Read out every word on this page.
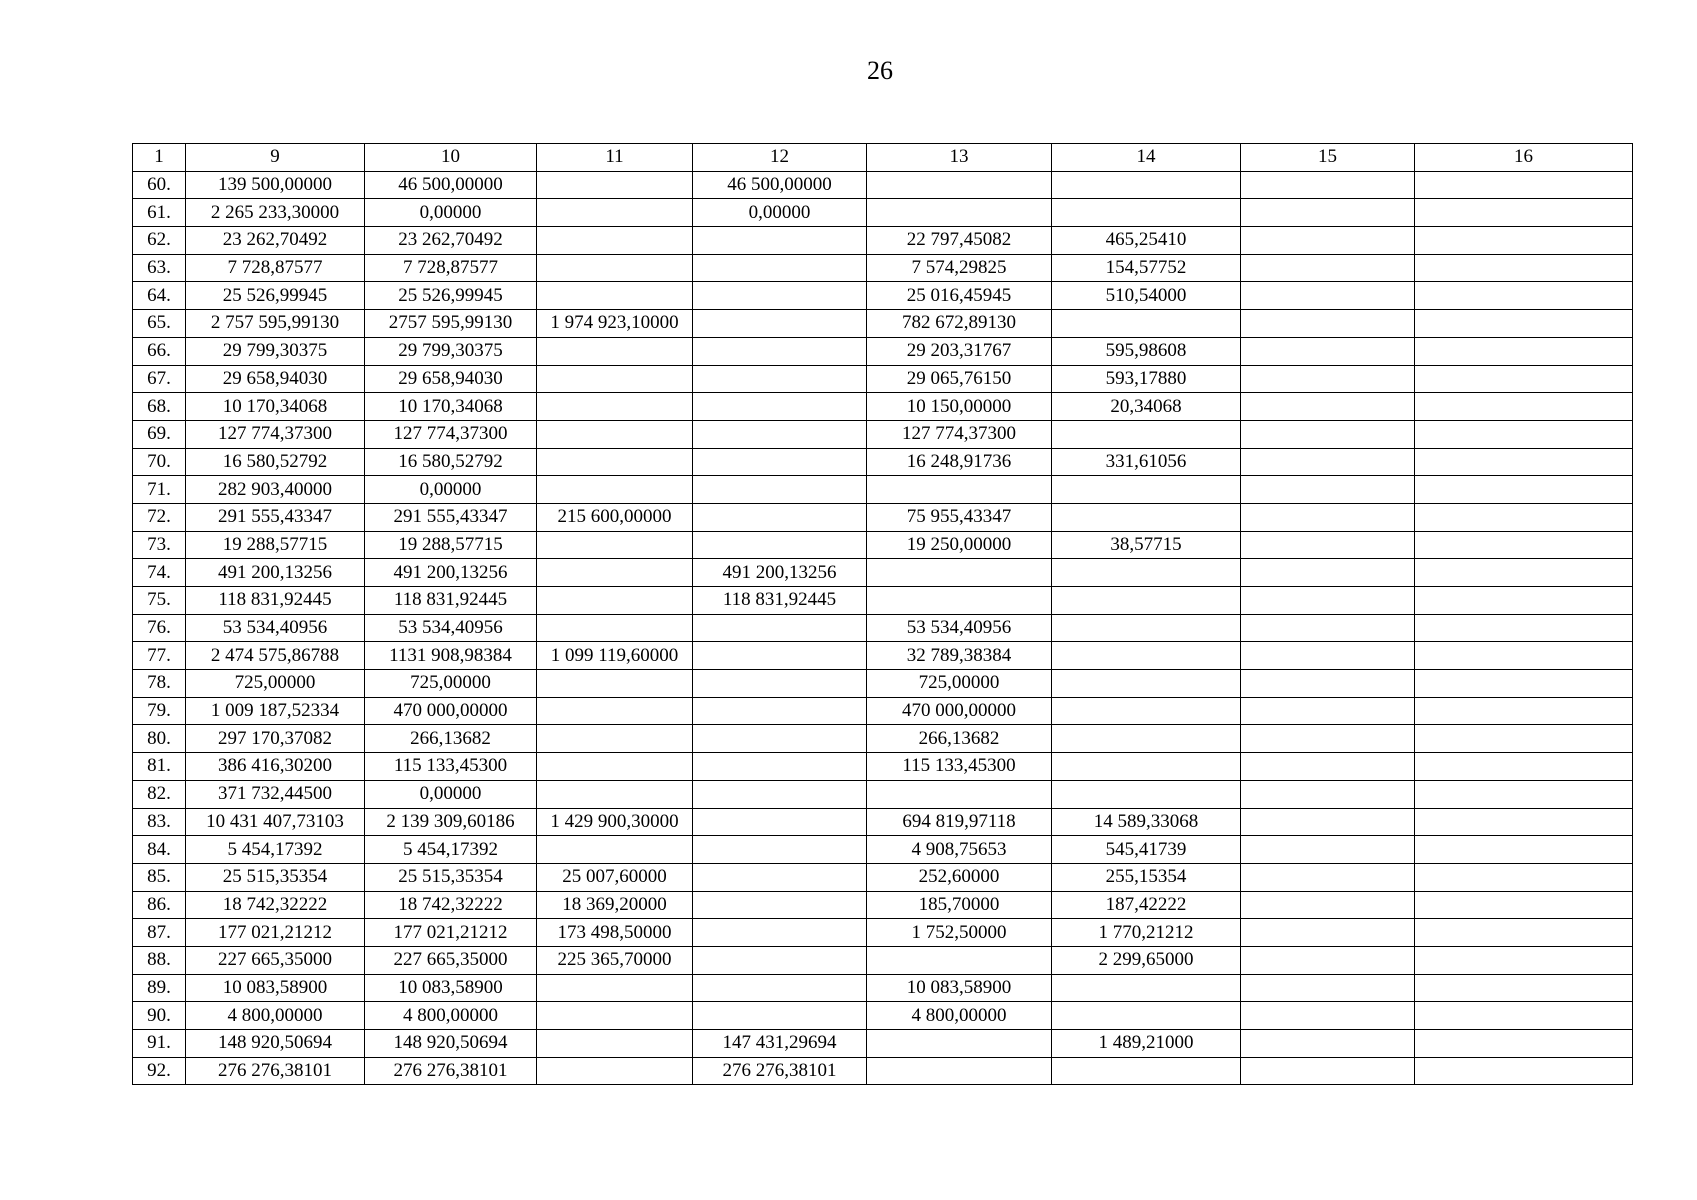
26
1	9	10	11	12	13	14	15	16
60.	139 500,00000	46 500,00000		46 500,00000				
61.	2 265 233,30000	0,00000		0,00000				
62.	23 262,70492	23 262,70492			22 797,45082	465,25410		
63.	7 728,87577	7 728,87577			7 574,29825	154,57752		
64.	25 526,99945	25 526,99945			25 016,45945	510,54000		
65.	2 757 595,99130	2757 595,99130	1 974 923,10000		782 672,89130			
66.	29 799,30375	29 799,30375			29 203,31767	595,98608		
67.	29 658,94030	29 658,94030			29 065,76150	593,17880		
68.	10 170,34068	10 170,34068			10 150,00000	20,34068		
69.	127 774,37300	127 774,37300			127 774,37300			
70.	16 580,52792	16 580,52792			16 248,91736	331,61056		
71.	282 903,40000	0,00000						
72.	291 555,43347	291 555,43347	215 600,00000		75 955,43347			
73.	19 288,57715	19 288,57715			19 250,00000	38,57715		
74.	491 200,13256	491 200,13256		491 200,13256				
75.	118 831,92445	118 831,92445		118 831,92445				
76.	53 534,40956	53 534,40956			53 534,40956			
77.	2 474 575,86788	1131 908,98384	1 099 119,60000		32 789,38384			
78.	725,00000	725,00000			725,00000			
79.	1 009 187,52334	470 000,00000			470 000,00000			
80.	297 170,37082	266,13682			266,13682			
81.	386 416,30200	115 133,45300			115 133,45300			
82.	371 732,44500	0,00000						
83.	10 431 407,73103	2 139 309,60186	1 429 900,30000		694 819,97118	14 589,33068		
84.	5 454,17392	5 454,17392			4 908,75653	545,41739		
85.	25 515,35354	25 515,35354	25 007,60000		252,60000	255,15354		
86.	18 742,32222	18 742,32222	18 369,20000		185,70000	187,42222		
87.	177 021,21212	177 021,21212	173 498,50000		1 752,50000	1 770,21212		
88.	227 665,35000	227 665,35000	225 365,70000			2 299,65000		
89.	10 083,58900	10 083,58900			10 083,58900			
90.	4 800,00000	4 800,00000			4 800,00000			
91.	148 920,50694	148 920,50694		147 431,29694		1 489,21000		
92.	276 276,38101	276 276,38101		276 276,38101				
